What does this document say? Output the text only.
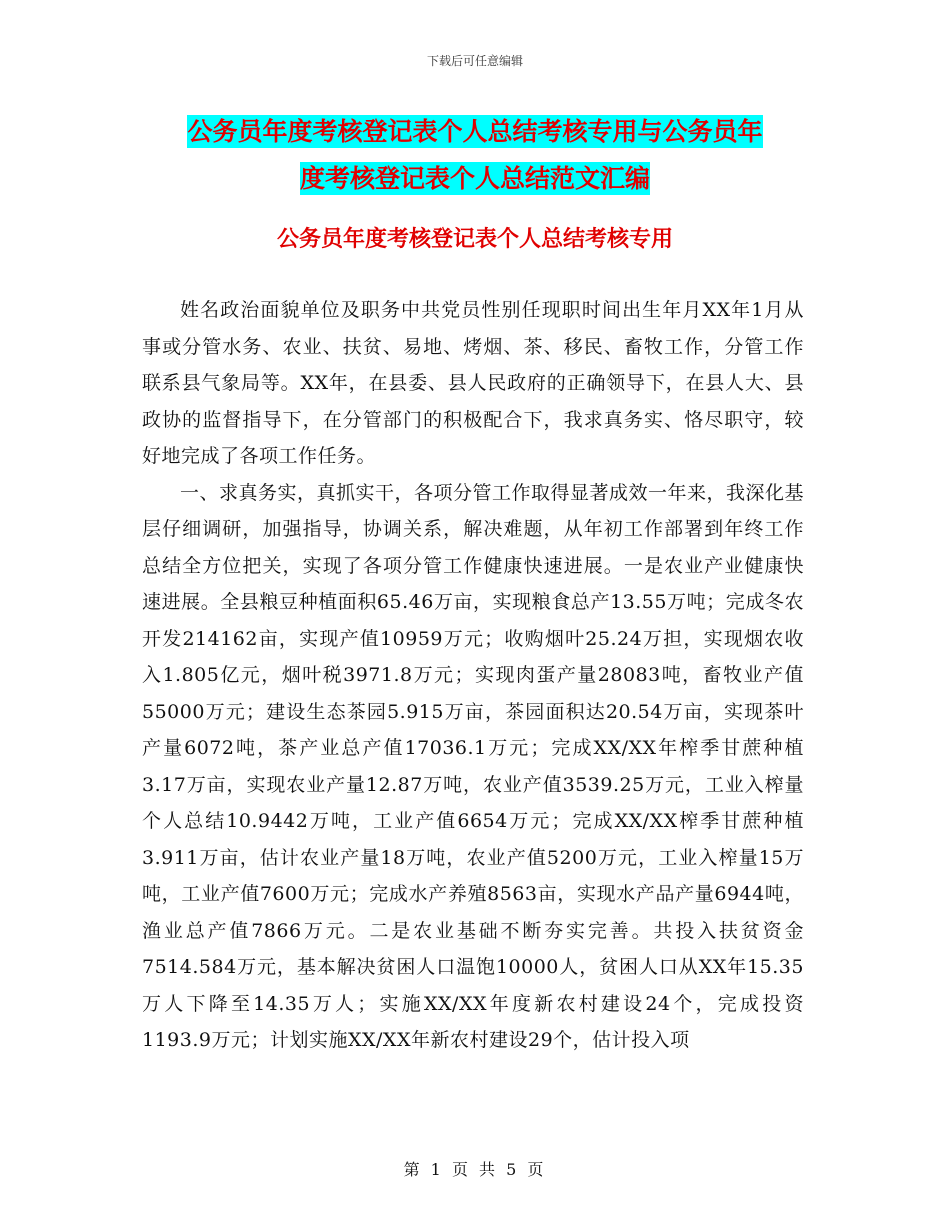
下载后可任意编辑
公务员年度考核登记表个人总结考核专用与公务员年
度考核登记表个人总结范文汇编
公务员年度考核登记表个人总结考核专用

姓名政治面貌单位及职务中共党员性别任现职时间出生年月XX年1月从事或分管水务、农业、扶贫、易地、烤烟、茶、移民、畜牧工作，分管工作联系县气象局等。XX年，在县委、县人民政府的正确领导下，在县人大、县政协的监督指导下，在分管部门的积极配合下，我求真务实、恪尽职守，较好地完成了各项工作任务。

一、求真务实，真抓实干，各项分管工作取得显著成效一年来，我深化基层仔细调研，加强指导，协调关系，解决难题，从年初工作部署到年终工作总结全方位把关，实现了各项分管工作健康快速进展。一是农业产业健康快速进展。全县粮豆种植面积65.46万亩，实现粮食总产13.55万吨；完成冬农开发214162亩，实现产值10959万元；收购烟叶25.24万担，实现烟农收入1.805亿元，烟叶税3971.8万元；实现肉蛋产量28083吨，畜牧业产值55000万元；建设生态茶园5.915万亩，茶园面积达20.54万亩，实现茶叶产量6072吨，茶产业总产值17036.1万元；完成XX/XX年榨季甘蔗种植3.17万亩，实现农业产量12.87万吨，农业产值3539.25万元，工业入榨量个人总结10.9442万吨，工业产值6654万元；完成XX/XX榨季甘蔗种植3.911万亩，估计农业产量18万吨，农业产值5200万元，工业入榨量15万吨，工业产值7600万元；完成水产养殖8563亩，实现水产品产量6944吨，渔业总产值7866万元。二是农业基础不断夯实完善。共投入扶贫资金7514.584万元，基本解决贫困人口温饱10000人，贫困人口从XX年15.35万人下降至14.35万人；实施XX/XX年度新农村建设24个，完成投资1193.9万元；计划实施XX/XX年新农村建设29个，估计投入项

第 1 页 共 5 页
